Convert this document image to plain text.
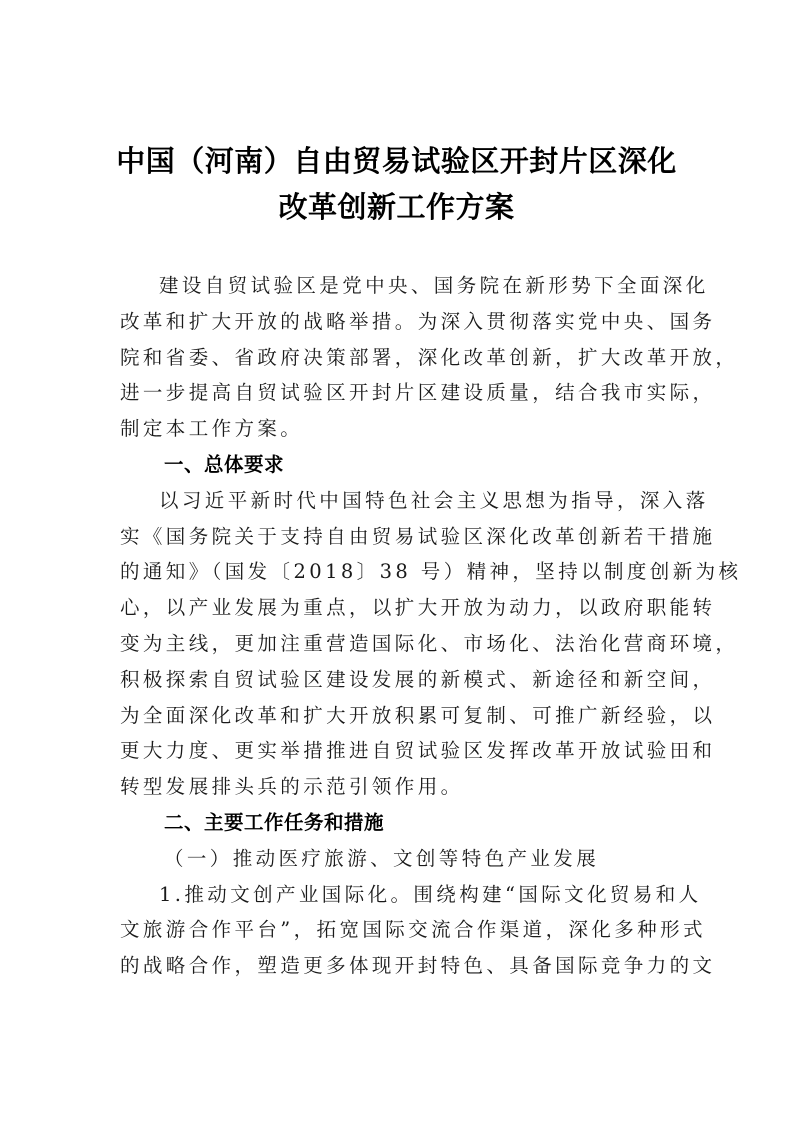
中国（河南）自由贸易试验区开封片区深化
改革创新工作方案
建设自贸试验区是党中央、国务院在新形势下全面深化
改革和扩大开放的战略举措。为深入贯彻落实党中央、国务
院和省委、省政府决策部署，深化改革创新，扩大改革开放，
进一步提高自贸试验区开封片区建设质量，结合我市实际，
制定本工作方案。
一、总体要求
以习近平新时代中国特色社会主义思想为指导，深入落
实《国务院关于支持自由贸易试验区深化改革创新若干措施
的通知》（国发〔2018〕38 号）精神，坚持以制度创新为核
心，以产业发展为重点，以扩大开放为动力，以政府职能转
变为主线，更加注重营造国际化、市场化、法治化营商环境，
积极探索自贸试验区建设发展的新模式、新途径和新空间，
为全面深化改革和扩大开放积累可复制、可推广新经验，以
更大力度、更实举措推进自贸试验区发挥改革开放试验田和
转型发展排头兵的示范引领作用。
二、主要工作任务和措施
（一）推动医疗旅游、文创等特色产业发展
1.推动文创产业国际化。围绕构建“国际文化贸易和人
文旅游合作平台”，拓宽国际交流合作渠道，深化多种形式
的战略合作，塑造更多体现开封特色、具备国际竞争力的文
